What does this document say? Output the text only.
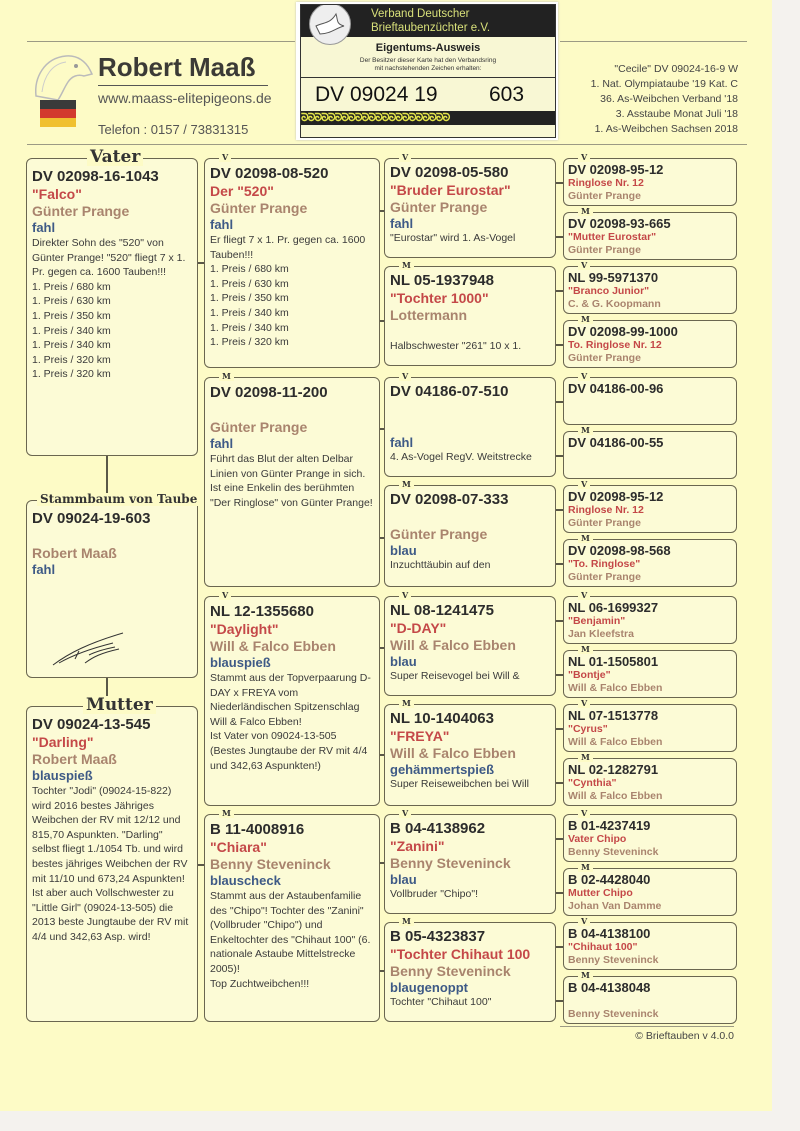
Robert Maaß
www.maass-elitepigeons.de
Telefon : 0157 / 73831315
Verband Deutscher
Brieftaubenzüchter e.V.
Eigentums-Ausweis
Der Besitzer dieser Karte hat den Verbandsring
mit nachstehenden Zeichen erhalten:
DV 09024 19 603
ᘐᘐᘐᘐᘐᘐᘐᘐᘐᘐᘐᘐᘐᘐᘐᘐᘐᘐᘐᘐᘐᘐ
"Cecile" DV 09024-16-9 W
1. Nat. Olympiataube '19 Kat. C
36. As-Weibchen Verband '18
3. Asstaube Monat Juli '18
1. As-Weibchen Sachsen 2018
Vater
DV 02098-16-1043
"Falco"
Günter Prange
fahl
Direkter Sohn des "520" von Günter Prange! "520" fliegt 7 x 1. Pr. gegen ca. 1600 Tauben!!!
1. Preis / 680 km
1. Preis / 630 km
1. Preis / 350 km
1. Preis / 340 km
1. Preis / 340 km
1. Preis / 320 km
1. Preis / 320 km
Stammbaum von Taube
DV 09024-19-603
Robert Maaß
fahl
Mutter
DV 09024-13-545
"Darling"
Robert Maaß
blauspieß
Tochter "Jodi" (09024-15-822) wird 2016 bestes Jähriges Weibchen der RV mit 12/12 und 815,70 Aspunkten. "Darling" selbst fliegt 1./1054 Tb. und wird bestes jähriges Weibchen der RV mit 11/10 und 673,24 Aspunkten! Ist aber auch Vollschwester zu "Little Girl" (09024-13-505) die 2013 beste Jungtaube der RV mit 4/4 und 342,63 Asp. wird!
V
DV 02098-08-520
Der "520"
Günter Prange
fahl
Er fliegt 7 x 1. Pr. gegen ca. 1600 Tauben!!!
1. Preis / 680 km
1. Preis / 630 km
1. Preis / 350 km
1. Preis / 340 km
1. Preis / 340 km
1. Preis / 320 km
M
DV 02098-11-200
Günter Prange
fahl
Führt das Blut der alten Delbar Linien von Günter Prange in sich. Ist eine Enkelin des berühmten "Der Ringlose" von Günter Prange!
V
NL 12-1355680
"Daylight"
Will & Falco Ebben
blauspieß
Stammt aus der Topverpaarung D-DAY x FREYA vom Niederländischen Spitzenschlag Will & Falco Ebben!
Ist Vater von 09024-13-505 (Bestes Jungtaube der RV mit 4/4 und 342,63 Aspunkten!)
M
B 11-4008916
"Chiara"
Benny Steveninck
blauscheck
Stammt aus der Astaubenfamilie des "Chipo"! Tochter des "Zanini" (Vollbruder "Chipo") und Enkeltochter des "Chihaut 100" (6. nationale Astaube Mittelstrecke 2005)!
Top Zuchtweibchen!!!
V
DV 02098-05-580
"Bruder Eurostar"
Günter Prange
fahl
"Eurostar" wird 1. As-Vogel
M
NL 05-1937948
"Tochter 1000"
Lottermann
Halbschwester "261" 10 x 1.
V
DV 04186-07-510
fahl
4. As-Vogel RegV. Weitstrecke
M
DV 02098-07-333
Günter Prange
blau
Inzuchttäubin auf den
V
NL 08-1241475
"D-DAY"
Will & Falco Ebben
blau
Super Reisevogel bei Will &
M
NL 10-1404063
"FREYA"
Will & Falco Ebben
gehämmertspieß
Super Reiseweibchen bei Will
V
B 04-4138962
"Zanini"
Benny Steveninck
blau
Vollbruder "Chipo"!
M
B 05-4323837
"Tochter Chihaut 100
Benny Steveninck
blaugenoppt
Tochter "Chihaut 100"
V
DV 02098-95-12
Ringlose Nr. 12
Günter Prange
M
DV 02098-93-665
"Mutter Eurostar"
Günter Prange
V
NL 99-5971370
"Branco Junior"
C. & G. Koopmann
M
DV 02098-99-1000
To. Ringlose Nr. 12
Günter Prange
V
DV 04186-00-96
M
DV 04186-00-55
V
DV 02098-95-12
Ringlose Nr. 12
Günter Prange
M
DV 02098-98-568
"To. Ringlose"
Günter Prange
V
NL 06-1699327
"Benjamin"
Jan Kleefstra
M
NL 01-1505801
"Bontje"
Will & Falco Ebben
V
NL 07-1513778
"Cyrus"
Will & Falco Ebben
M
NL 02-1282791
"Cynthia"
Will & Falco Ebben
V
B 01-4237419
Vater Chipo
Benny Steveninck
M
B 02-4428040
Mutter Chipo
Johan Van Damme
V
B 04-4138100
"Chihaut 100"
Benny Steveninck
M
B 04-4138048
Benny Steveninck
© Brieftauben v 4.0.0
